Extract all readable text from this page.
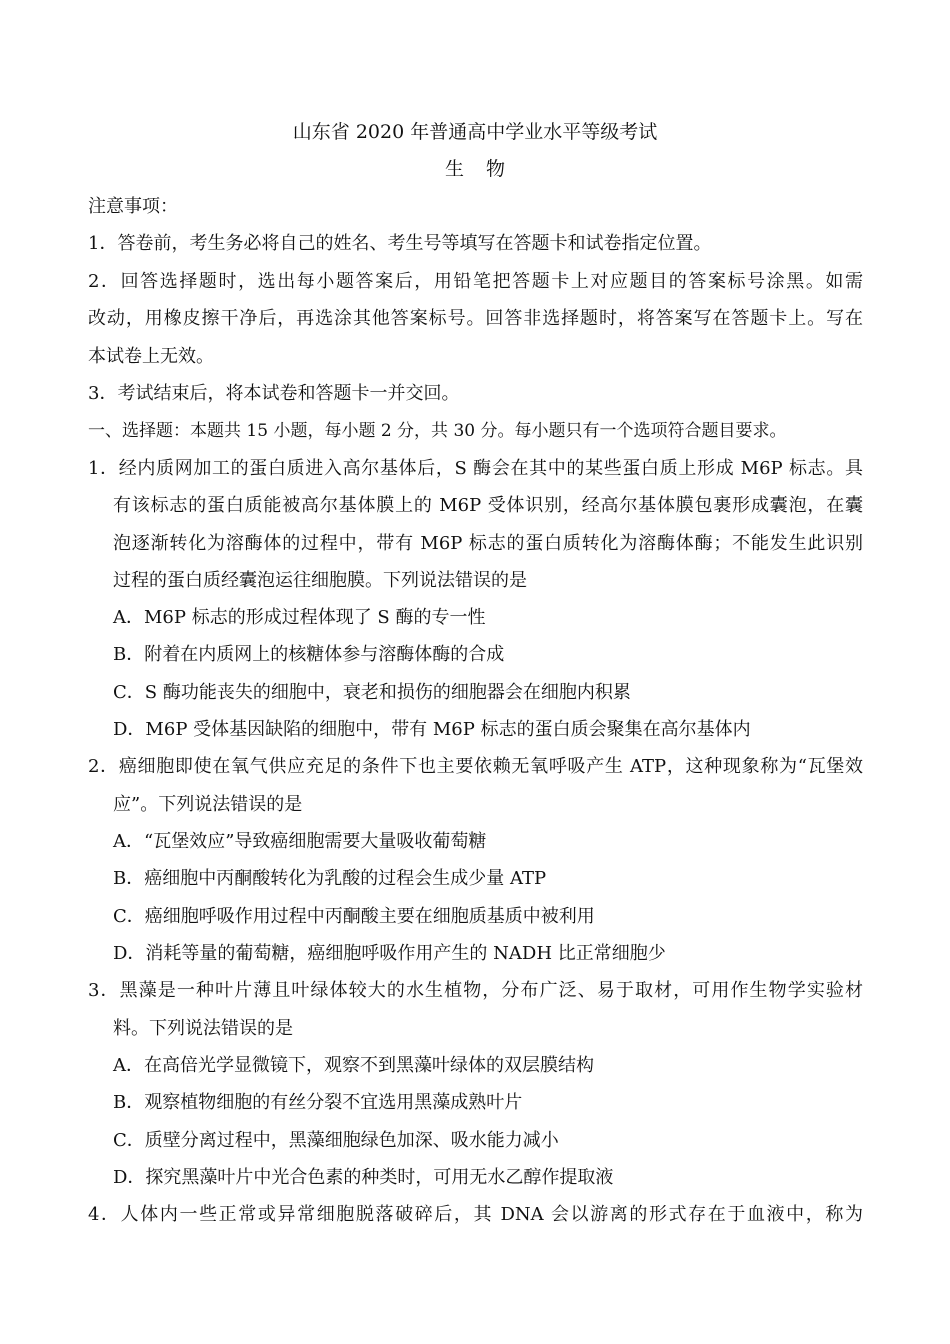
山东省 2020 年普通高中学业水平等级考试
生物
注意事项：
1．答卷前，考生务必将自己的姓名、考生号等填写在答题卡和试卷指定位置。
2．回答选择题时，选出每小题答案后，用铅笔把答题卡上对应题目的答案标号涂黑。如需
改动，用橡皮擦干净后，再选涂其他答案标号。回答非选择题时，将答案写在答题卡上。写在
本试卷上无效。
3．考试结束后，将本试卷和答题卡一并交回。
一、选择题：本题共 15 小题，每小题 2 分，共 30 分。每小题只有一个选项符合题目要求。
1．经内质网加工的蛋白质进入高尔基体后，S 酶会在其中的某些蛋白质上形成 M6P 标志。具
有该标志的蛋白质能被高尔基体膜上的 M6P 受体识别，经高尔基体膜包裹形成囊泡，在囊
泡逐渐转化为溶酶体的过程中，带有 M6P 标志的蛋白质转化为溶酶体酶；不能发生此识别
过程的蛋白质经囊泡运往细胞膜。下列说法错误的是
A．M6P 标志的形成过程体现了 S 酶的专一性
B．附着在内质网上的核糖体参与溶酶体酶的合成
C．S 酶功能丧失的细胞中，衰老和损伤的细胞器会在细胞内积累
D．M6P 受体基因缺陷的细胞中，带有 M6P 标志的蛋白质会聚集在高尔基体内
2．癌细胞即使在氧气供应充足的条件下也主要依赖无氧呼吸产生 ATP，这种现象称为“瓦堡效
应”。下列说法错误的是
A．“瓦堡效应”导致癌细胞需要大量吸收葡萄糖
B．癌细胞中丙酮酸转化为乳酸的过程会生成少量 ATP
C．癌细胞呼吸作用过程中丙酮酸主要在细胞质基质中被利用
D．消耗等量的葡萄糖，癌细胞呼吸作用产生的 NADH 比正常细胞少
3．黑藻是一种叶片薄且叶绿体较大的水生植物，分布广泛、易于取材，可用作生物学实验材
料。下列说法错误的是
A．在高倍光学显微镜下，观察不到黑藻叶绿体的双层膜结构
B．观察植物细胞的有丝分裂不宜选用黑藻成熟叶片
C．质壁分离过程中，黑藻细胞绿色加深、吸水能力减小
D．探究黑藻叶片中光合色素的种类时，可用无水乙醇作提取液
4．人体内一些正常或异常细胞脱落破碎后，其 DNA 会以游离的形式存在于血液中，称为
